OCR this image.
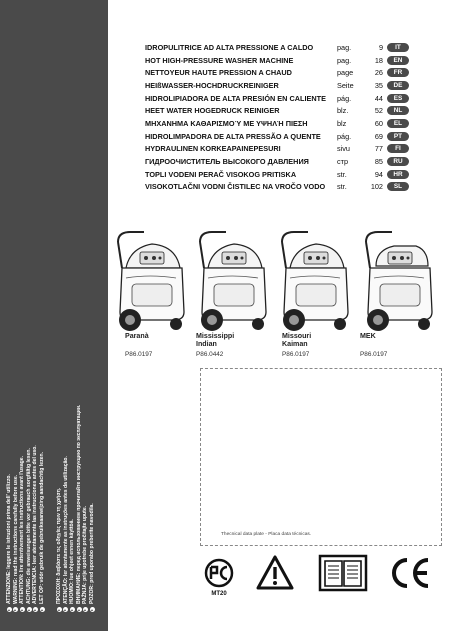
ATTENZIONE: leggere le istruzioni prima dell' utilizzo. WARNING: read the instructions carefully before use. ATTENTION: lire attentivement les instructions avant l'usage. ACHTUNG: die anweisungen bitte vor gebrauch sorgfältig lesen. ADVERTENCIA: leer atentamente las instrucciones antes del uso. LET OP: vóór gebruik de gebruiksaanwijzing aandachtig lezen. ΠΡΟΣΟΧΗ: διαβάστε τις οδηγίες πριν τη χρήση. ATENÇÃO: ler atentamente as instruções antes da utilização. HUOMIO: lue ohjeet ennen käyttöä. ВНИМАНИЕ: перед использованием прочитайте инструкцию по эксплуатации. PAŽNJA: prije upotrebe pročitajte upute. POZOR: pred uporabo preberite navodila.
IDROPULITRICE AD ALTA PRESSIONE A CALDO	pag.	9	IT
HOT HIGH-PRESSURE WASHER MACHINE	pag.	18	EN
NETTOYEUR HAUTE PRESSION A CHAUD	page	26	FR
HEIßWASSER-HOCHDRUCKREINIGER	Seite	35	DE
HIDROLIPIADORA DE ALTA PRESIÓN EN CALIENTE	pág.	44	ES
HEET WATER HOGEDRUCK REINIGER	blz.	52	NL
ΜΗΧΑΝΗΜΑ ΚΑΘΑΡΙΣΜΟΎ ΜΕ ΥΨΗΛΉ ΠΙΕΣΗ	blz	60	EL
HIDROLIMPADORA DE ALTA PRESSÃO A QUENTE	pág.	69	PT
HYDRAULINEN KORKEAPAINEPESURI	sivu	77	FI
ГИДРООЧИСТИТЕЛЬ ВЫСОКОГО ДАВЛЕНИЯ	стр	85	RU
TOPLI VODENI PERAČ VISOKOG PRITISKA	str.	94	HR
VISOKOTLAČNI VODNI ČISTILEC NA VROČO VODO	str.	102	SL
Paranà
P86.0197
Mississippi
Indian
P86.0442
Missouri
Kaiman
P86.0197
MEK
P86.0197
Thecnical data plate - Placa data técnicas.
MT20
